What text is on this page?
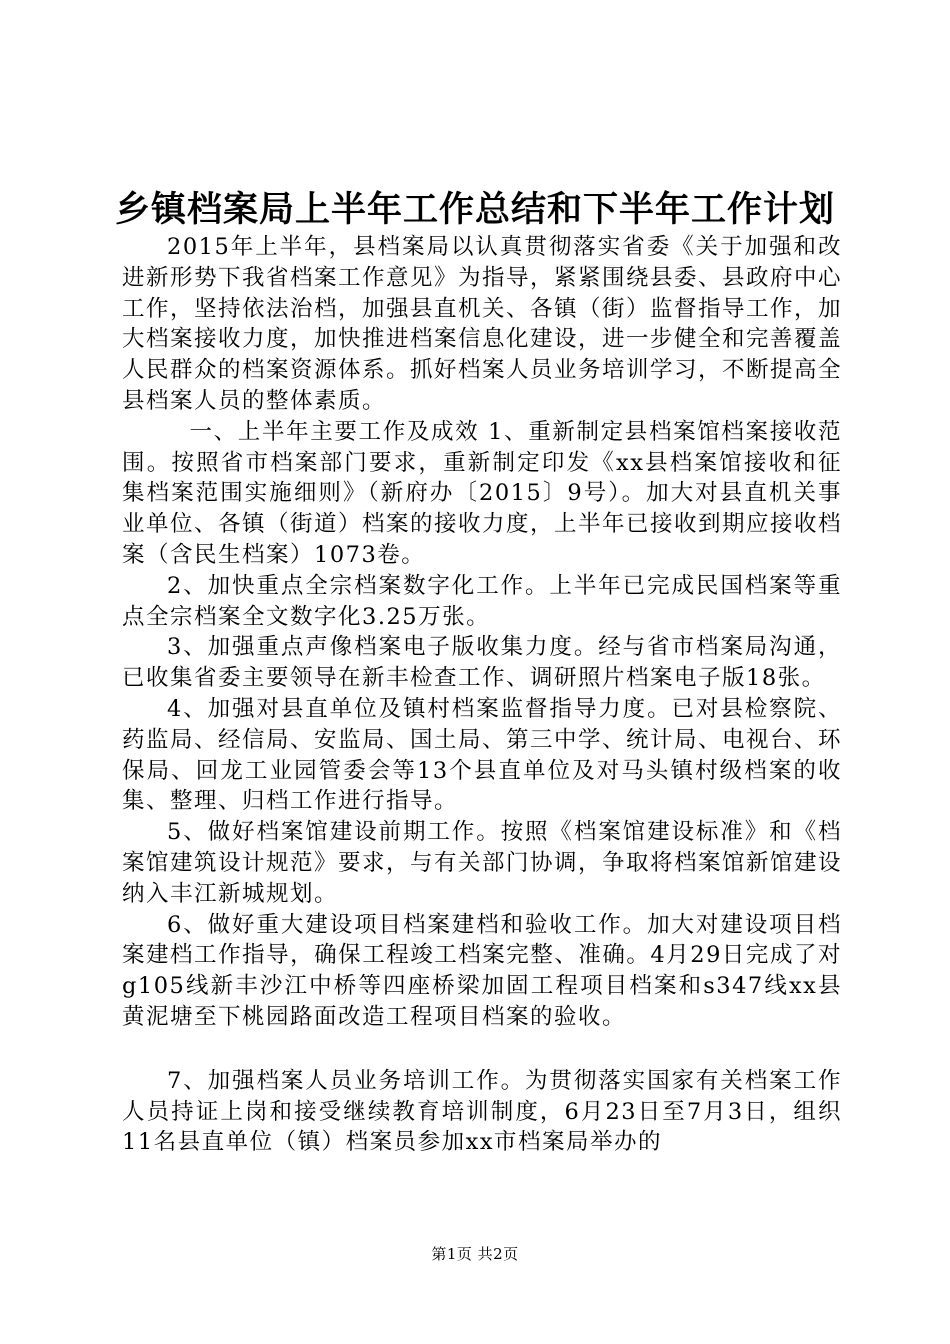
乡镇档案局上半年工作总结和下半年工作计划

2015年上半年，县档案局以认真贯彻落实省委《关于加强和改进新形势下我省档案工作意见》为指导，紧紧围绕县委、县政府中心工作，坚持依法治档，加强县直机关、各镇（街）监督指导工作，加大档案接收力度，加快推进档案信息化建设，进一步健全和完善覆盖人民群众的档案资源体系。抓好档案人员业务培训学习，不断提高全县档案人员的整体素质。

一、上半年主要工作及成效 1、重新制定县档案馆档案接收范围。按照省市档案部门要求，重新制定印发《xx县档案馆接收和征集档案范围实施细则》（新府办〔2015〕9号）。加大对县直机关事业单位、各镇（街道）档案的接收力度，上半年已接收到期应接收档案（含民生档案）1073卷。

2、加快重点全宗档案数字化工作。上半年已完成民国档案等重点全宗档案全文数字化3.25万张。

3、加强重点声像档案电子版收集力度。经与省市档案局沟通，已收集省委主要领导在新丰检查工作、调研照片档案电子版18张。

4、加强对县直单位及镇村档案监督指导力度。已对县检察院、药监局、经信局、安监局、国土局、第三中学、统计局、电视台、环保局、回龙工业园管委会等13个县直单位及对马头镇村级档案的收集、整理、归档工作进行指导。

5、做好档案馆建设前期工作。按照《档案馆建设标准》和《档案馆建筑设计规范》要求，与有关部门协调，争取将档案馆新馆建设纳入丰江新城规划。

6、做好重大建设项目档案建档和验收工作。加大对建设项目档案建档工作指导，确保工程竣工档案完整、准确。4月29日完成了对g105线新丰沙江中桥等四座桥梁加固工程项目档案和s347线xx县黄泥塘至下桃园路面改造工程项目档案的验收。

7、加强档案人员业务培训工作。为贯彻落实国家有关档案工作人员持证上岗和接受继续教育培训制度，6月23日至7月3日，组织11名县直单位（镇）档案员参加xx市档案局举办的

第1页 共2页
